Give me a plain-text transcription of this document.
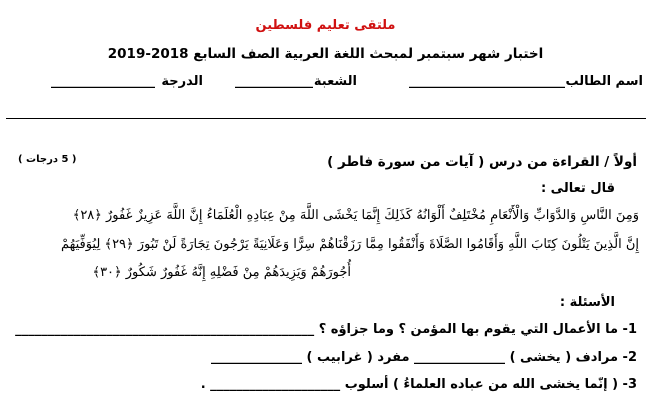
ملتقى تعليم فلسطين
اختبار شهر سبتمبر لمبحث اللغة العربية الصف السابع 2018-2019
اسم الطالب
________________________
الشعبة
____________
الدرجة
________________
أولاً / القراءة من درس ( آيات من سورة فاطر )
( 5 درجات )
قال تعالى :
وَمِنَ النَّاسِ وَالدَّوَابِّ وَالْأَنْعَامِ مُخْتَلِفٌ أَلْوَانُهُ كَذَلِكَ إِنَّمَا يَخْشَى اللَّهَ مِنْ عِبَادِهِ الْعُلَمَاءُ إِنَّ اللَّهَ عَزِيزٌ غَفُورٌ ﴿٢٨﴾
إِنَّ الَّذِينَ يَتْلُونَ كِتَابَ اللَّهِ وَأَقَامُوا الصَّلَاةَ وَأَنْفَقُوا مِمَّا رَزَقْنَاهُمْ سِرًّا وَعَلَانِيَةً يَرْجُونَ تِجَارَةً لَنْ تَبُورَ ﴿٢٩﴾ لِيُوَفِّيَهُمْ
أُجُورَهُمْ وَيَزِيدَهُمْ مِنْ فَضْلِهِ إِنَّهُ غَفُورٌ شَكُورٌ ﴿٣٠﴾
الأسئلة :
1- ما الأعمال التي يقوم بها المؤمن ؟ وما جزاؤه ؟ ______________________________________________
2- مرادف ( يخشى ) ______________ مفرد ( غرابيب ) ______________
3- ( إنّما يخشى الله من عباده العلماءُ ) أسلوب ____________________ .
